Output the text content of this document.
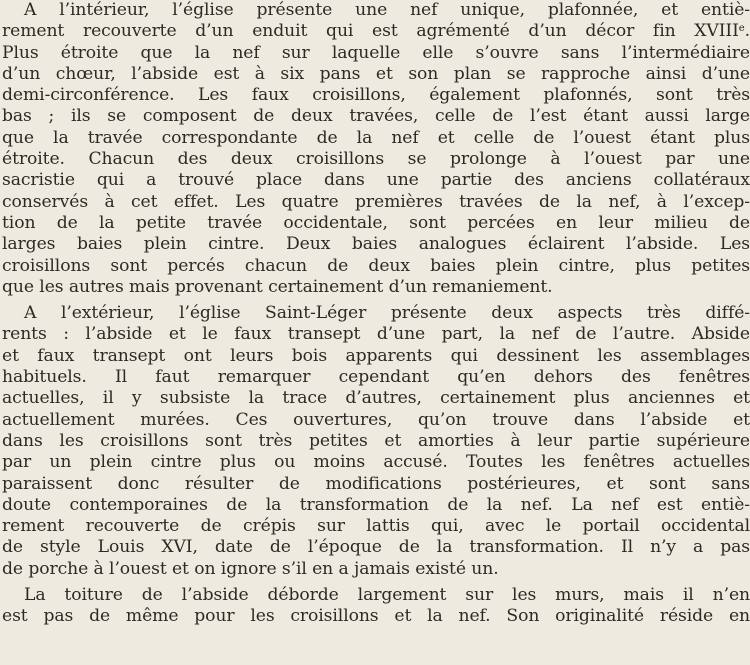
A l’intérieur, l’église présente une nef unique, plafonnée, et entiè-
rement recouverte d’un enduit qui est agrémenté d’un décor fin XVIIIe.
Plus étroite que la nef sur laquelle elle s’ouvre sans l’intermédiaire
d’un chœur, l’abside est à six pans et son plan se rapproche ainsi d’une
demi-circonférence. Les faux croisillons, également plafonnés, sont très
bas ; ils se composent de deux travées, celle de l’est étant aussi large
que la travée correspondante de la nef et celle de l’ouest étant plus
étroite. Chacun des deux croisillons se prolonge à l’ouest par une
sacristie qui a trouvé place dans une partie des anciens collatéraux
conservés à cet effet. Les quatre premières travées de la nef, à l’excep-
tion de la petite travée occidentale, sont percées en leur milieu de
larges baies plein cintre. Deux baies analogues éclairent l’abside. Les
croisillons sont percés chacun de deux baies plein cintre, plus petites
que les autres mais provenant certainement d’un remaniement.
A l’extérieur, l’église Saint-Léger présente deux aspects très diffé-
rents : l’abside et le faux transept d’une part, la nef de l’autre. Abside
et faux transept ont leurs bois apparents qui dessinent les assemblages
habituels. Il faut remarquer cependant qu’en dehors des fenêtres
actuelles, il y subsiste la trace d’autres, certainement plus anciennes et
actuellement murées. Ces ouvertures, qu’on trouve dans l’abside et
dans les croisillons sont très petites et amorties à leur partie supérieure
par un plein cintre plus ou moins accusé. Toutes les fenêtres actuelles
paraissent donc résulter de modifications postérieures, et sont sans
doute contemporaines de la transformation de la nef. La nef est entiè-
rement recouverte de crépis sur lattis qui, avec le portail occidental
de style Louis XVI, date de l’époque de la transformation. Il n’y a pas
de porche à l’ouest et on ignore s’il en a jamais existé un.
La toiture de l’abside déborde largement sur les murs, mais il n’en
est pas de même pour les croisillons et la nef. Son originalité réside en
